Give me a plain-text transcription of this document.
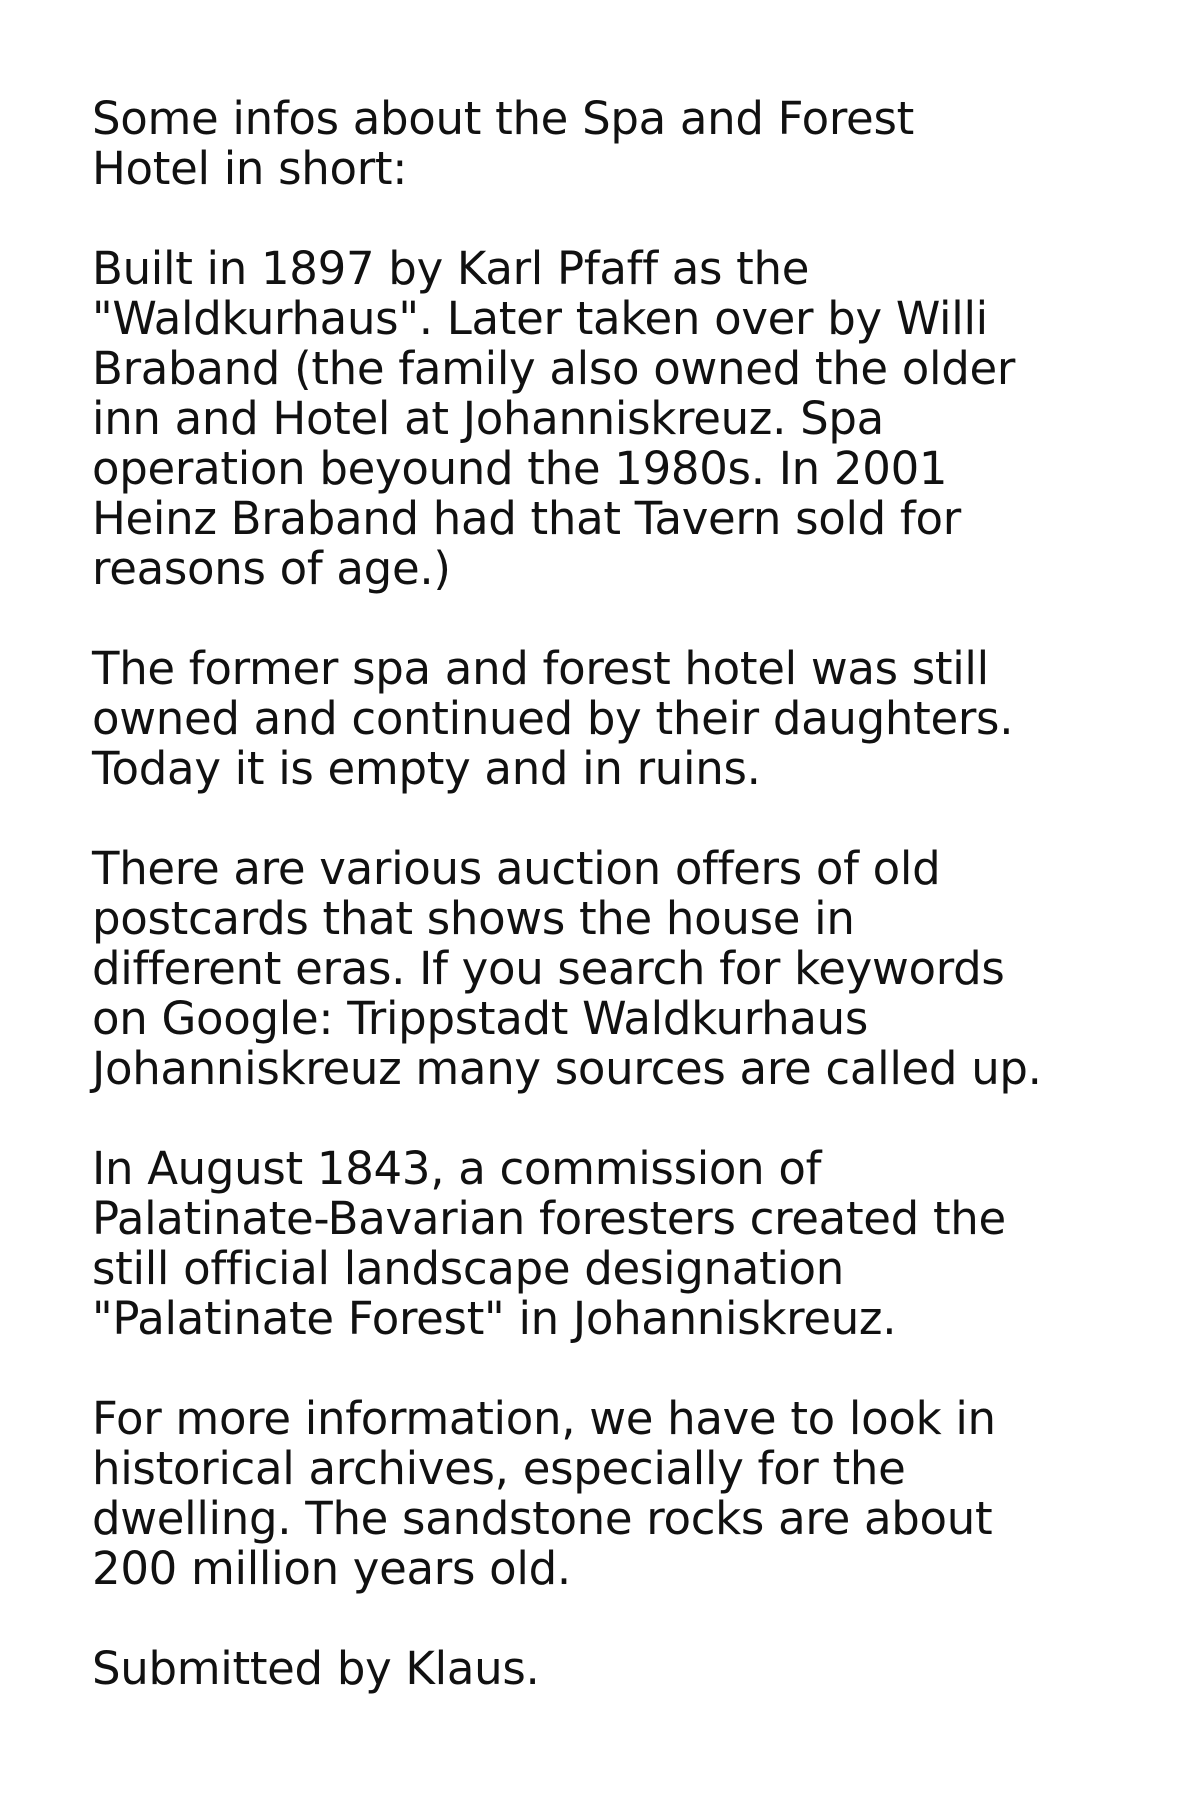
Some infos about the Spa and Forest
Hotel in short:

Built in 1897 by Karl Pfaff as the
"Waldkurhaus". Later taken over by Willi
Braband (the family also owned the older
inn and Hotel at Johanniskreuz. Spa
operation beyound the 1980s. In 2001
Heinz Braband had that Tavern sold for
reasons of age.)

The former spa and forest hotel was still
owned and continued by their daughters.
Today it is empty and in ruins.

There are various auction offers of old
postcards that shows the house in
different eras. If you search for keywords
on Google: Trippstadt Waldkurhaus
Johanniskreuz many sources are called up.

In August 1843, a commission of
Palatinate-Bavarian foresters created the
still official landscape designation
"Palatinate Forest" in Johanniskreuz.

For more information, we have to look in
historical archives, especially for the
dwelling. The sandstone rocks are about
200 million years old.

Submitted by Klaus.
